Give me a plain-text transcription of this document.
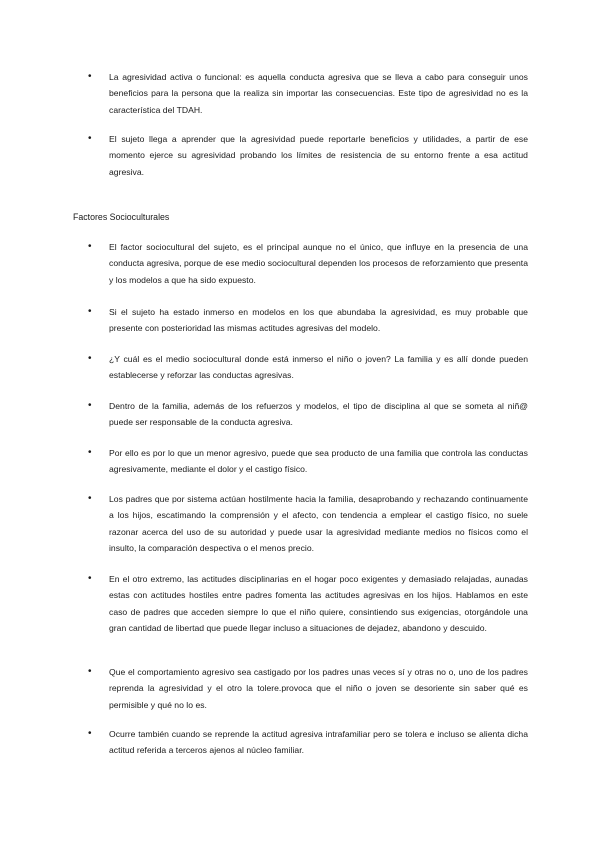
• La agresividad activa o funcional: es aquella conducta agresiva que se lleva a cabo para conseguir unos beneficios para la persona que la realiza sin importar las consecuencias. Este tipo de agresividad no es la característica del TDAH.
• El sujeto llega a aprender que la agresividad puede reportarle beneficios y utilidades, a partir de ese momento ejerce su agresividad probando los límites de resistencia de su entorno frente a esa actitud agresiva.
Factores Socioculturales
• El factor sociocultural del sujeto, es el principal aunque no el único, que influye en la presencia de una conducta agresiva, porque de ese medio sociocultural dependen los procesos de reforzamiento que presenta y los modelos a que ha sido expuesto.
• Si el sujeto ha estado inmerso en modelos en los que abundaba la agresividad, es muy probable que presente con posterioridad las mismas actitudes agresivas del modelo.
• ¿Y cuál es el medio sociocultural donde está inmerso el niño o joven? La familia y es allí donde pueden establecerse y reforzar las conductas agresivas.
• Dentro de la familia, además de los refuerzos y modelos, el tipo de disciplina al que se someta al niñ@ puede ser responsable de la conducta agresiva.
• Por ello es por lo que un menor agresivo, puede que sea producto de una familia que controla las conductas agresivamente, mediante el dolor y el castigo físico.
• Los padres que por sistema actúan hostilmente hacia la familia, desaprobando y rechazando continuamente a los hijos, escatimando la comprensión y el afecto, con tendencia a emplear el castigo físico, no suele razonar acerca del uso de su autoridad y puede usar la agresividad mediante medios no físicos como el insulto, la comparación despectiva o el menos precio.
• En el otro extremo, las actitudes disciplinarias en el hogar poco exigentes y demasiado relajadas, aunadas estas con actitudes hostiles entre padres fomenta las actitudes agresivas en los hijos. Hablamos en este caso de padres que acceden siempre lo que el niño quiere, consintiendo sus exigencias, otorgándole una gran cantidad de libertad que puede llegar incluso a situaciones de dejadez, abandono y descuido.
• Que el comportamiento agresivo sea castigado por los padres unas veces sí y otras no o, uno de los padres reprenda la agresividad y el otro la tolere.provoca que el niño o joven se desoriente sin saber qué es permisible y qué no lo es.
• Ocurre también cuando se reprende la actitud agresiva intrafamiliar pero se tolera e incluso se alienta dicha actitud referida a terceros ajenos al núcleo familiar.
